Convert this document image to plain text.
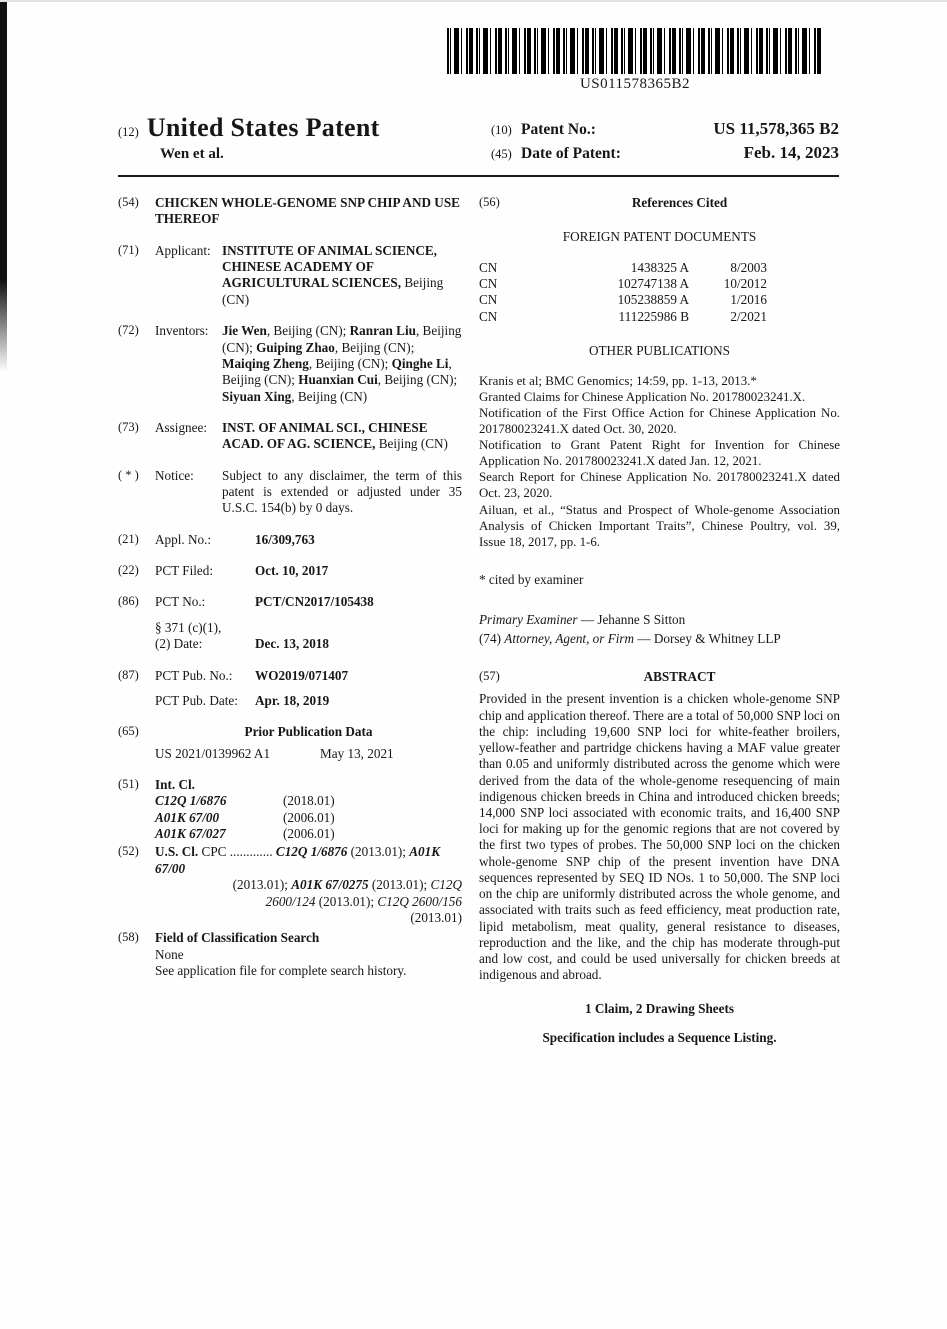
US011578365B2
(12) United States Patent
Wen et al.
(10) Patent No.:	US 11,578,365 B2
(45) Date of Patent:	Feb. 14, 2023
(54)	CHICKEN WHOLE-GENOME SNP CHIP AND USE THEREOF
(71)	Applicant: INSTITUTE OF ANIMAL SCIENCE, CHINESE ACADEMY OF AGRICULTURAL SCIENCES, Beijing (CN)
(72)	Inventors:	Jie Wen, Beijing (CN); Ranran Liu, Beijing (CN); Guiping Zhao, Beijing (CN); Maiqing Zheng, Beijing (CN); Qinghe Li, Beijing (CN); Huanxian Cui, Beijing (CN); Siyuan Xing, Beijing (CN)
(73)	Assignee:	INST. OF ANIMAL SCI., CHINESE ACAD. OF AG. SCIENCE, Beijing (CN)
( * )	Notice:	Subject to any disclaimer, the term of this patent is extended or adjusted under 35 U.S.C. 154(b) by 0 days.
(21)	Appl. No.:	16/309,763
(22)	PCT Filed:	Oct. 10, 2017
(86)	PCT No.:	PCT/CN2017/105438
§ 371 (c)(1),
(2) Date:	Dec. 13, 2018
(87)	PCT Pub. No.:	WO2019/071407
PCT Pub. Date:	Apr. 18, 2019
(65)	Prior Publication Data
US 2021/0139962 A1	May 13, 2021
(51)	Int. Cl.
C12Q 1/6876	(2018.01)
A01K 67/00	(2006.01)
A01K 67/027	(2006.01)
(52)	U.S. Cl. CPC ............. C12Q 1/6876 (2013.01); A01K 67/00
(2013.01); A01K 67/0275 (2013.01); C12Q
2600/124 (2013.01); C12Q 2600/156
(2013.01)
(58)	Field of Classification Search
None
See application file for complete search history.
(56)	References Cited
FOREIGN PATENT DOCUMENTS
CN	1438325 A	8/2003
CN	102747138 A	10/2012
CN	105238859 A	1/2016
CN	111225986 B	2/2021
OTHER PUBLICATIONS
Kranis et al; BMC Genomics; 14:59, pp. 1-13, 2013.*
Granted Claims for Chinese Application No. 201780023241.X.
Notification of the First Office Action for Chinese Application No. 201780023241.X dated Oct. 30, 2020.
Notification to Grant Patent Right for Invention for Chinese Application No. 201780023241.X dated Jan. 12, 2021.
Search Report for Chinese Application No. 201780023241.X dated Oct. 23, 2020.
Ailuan, et al., “Status and Prospect of Whole-genome Association Analysis of Chicken Important Traits”, Chinese Poultry, vol. 39, Issue 18, 2017, pp. 1-6.
* cited by examiner
Primary Examiner — Jehanne S Sitton
(74) Attorney, Agent, or Firm — Dorsey & Whitney LLP
(57)	ABSTRACT
Provided in the present invention is a chicken whole-genome SNP chip and application thereof. There are a total of 50,000 SNP loci on the chip: including 19,600 SNP loci for white-feather broilers, yellow-feather and partridge chickens having a MAF value greater than 0.05 and uniformly distributed across the genome which were derived from the data of the whole-genome resequencing of main indigenous chicken breeds in China and introduced chicken breeds; 14,000 SNP loci associated with economic traits, and 16,400 SNP loci for making up for the genomic regions that are not covered by the first two types of probes. The 50,000 SNP loci on the chicken whole-genome SNP chip of the present invention have DNA sequences represented by SEQ ID NOs. 1 to 50,000. The SNP loci on the chip are uniformly distributed across the whole genome, and associated with traits such as feed efficiency, meat production rate, lipid metabolism, meat quality, general resistance to diseases, reproduction and the like, and the chip has moderate through-put and low cost, and could be used universally for chicken breeds at indigenous and abroad.
1 Claim, 2 Drawing Sheets
Specification includes a Sequence Listing.
